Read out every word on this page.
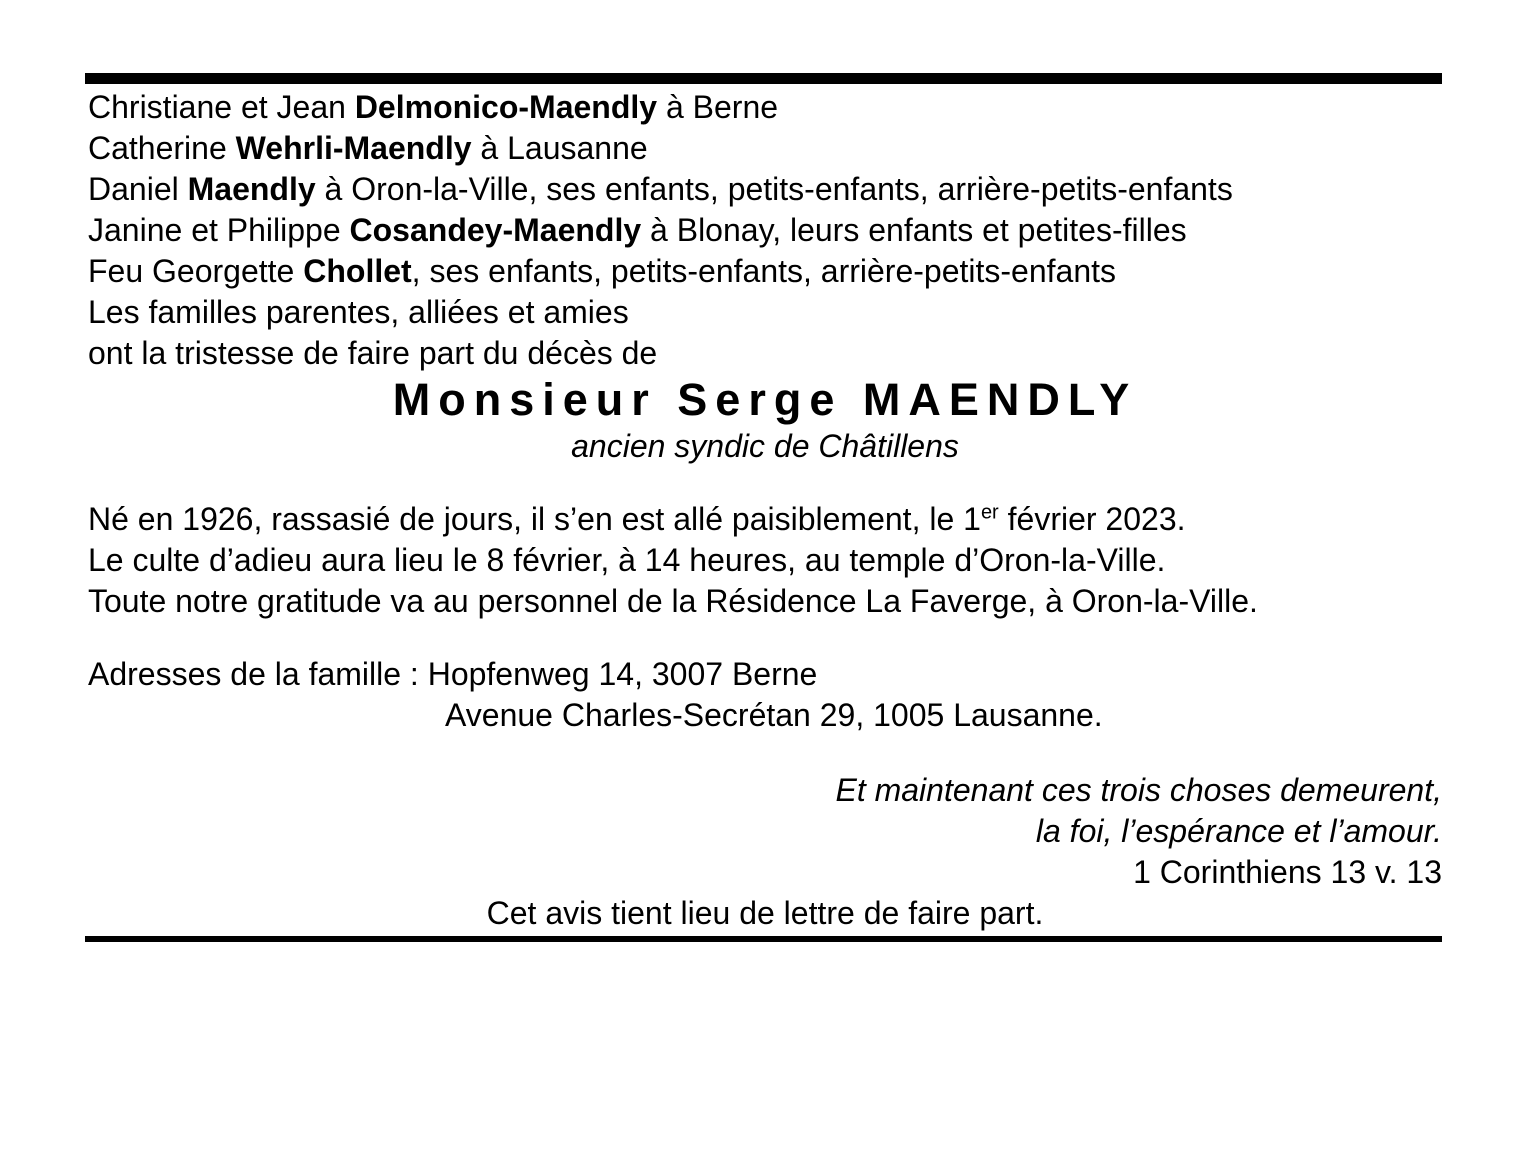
Christiane et Jean Delmonico-Maendly à Berne

Catherine Wehrli-Maendly à Lausanne

Daniel Maendly à Oron-la-Ville, ses enfants, petits-enfants, arrière-petits-enfants

Janine et Philippe Cosandey-Maendly à Blonay, leurs enfants et petites-filles

Feu Georgette Chollet, ses enfants, petits-enfants, arrière-petits-enfants

Les familles parentes, alliées et amies

ont la tristesse de faire part du décès de

Monsieur Serge MAENDLY

ancien syndic de Châtillens

Né en 1926, rassasié de jours, il s’en est allé paisiblement, le 1er février 2023.

Le culte d’adieu aura lieu le 8 février, à 14 heures, au temple d’Oron-la-Ville.

Toute notre gratitude va au personnel de la Résidence La Faverge, à Oron-la-Ville.

Adresses de la famille : Hopfenweg 14, 3007 Berne

Avenue Charles-Secrétan 29, 1005 Lausanne.

Et maintenant ces trois choses demeurent,

la foi, l’espérance et l’amour.

1 Corinthiens 13 v. 13

Cet avis tient lieu de lettre de faire part.
